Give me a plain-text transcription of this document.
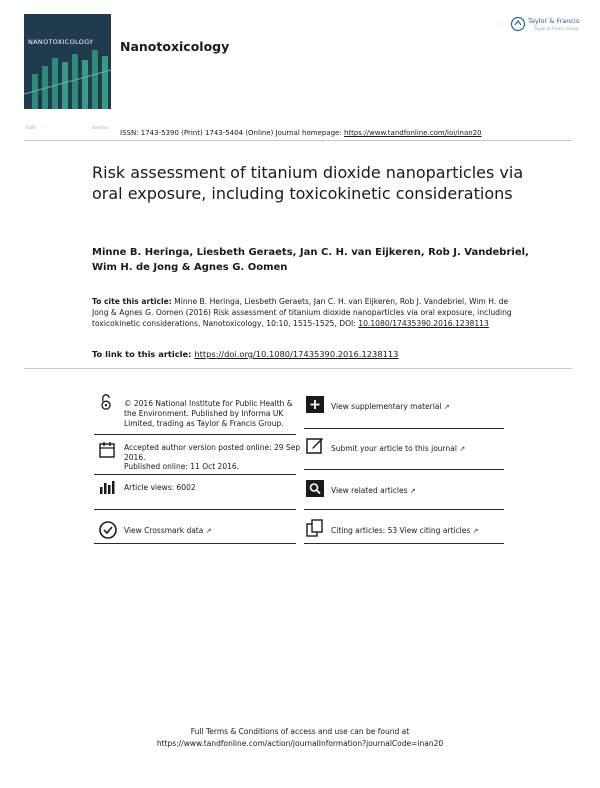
NANOTOXICOLOGY	Nanotoxicology
Taylor & Francis
Taylor & Francis Group
ISSN	Nanotox
ISSN: 1743-5390 (Print) 1743-5404 (Online) Journal homepage: https://www.tandfonline.com/loi/inan20
Risk assessment of titanium dioxide nanoparticles via oral exposure, including toxicokinetic considerations
Minne B. Heringa, Liesbeth Geraets, Jan C. H. van Eijkeren, Rob J. Vandebriel, Wim H. de Jong & Agnes G. Oomen
To cite this article: Minne B. Heringa, Liesbeth Geraets, Jan C. H. van Eijkeren, Rob J. Vandebriel, Wim H. de Jong & Agnes G. Oomen (2016) Risk assessment of titanium dioxide nanoparticles via oral exposure, including toxicokinetic considerations, Nanotoxicology, 10:10, 1515-1525, DOI: 10.1080/17435390.2016.1238113
To link to this article: https://doi.org/10.1080/17435390.2016.1238113
© 2016 National Institute for Public Health & the Environment. Published by Informa UK Limited, trading as Taylor & Francis Group.
Accepted author version posted online: 29 Sep 2016.
Published online: 11 Oct 2016.
Article views: 6002
View Crossmark data ↗
View supplementary material ↗
Submit your article to this journal ↗
View related articles ↗
Citing articles: 53 View citing articles ↗
Full Terms & Conditions of access and use can be found at
https://www.tandfonline.com/action/journalInformation?journalCode=inan20
